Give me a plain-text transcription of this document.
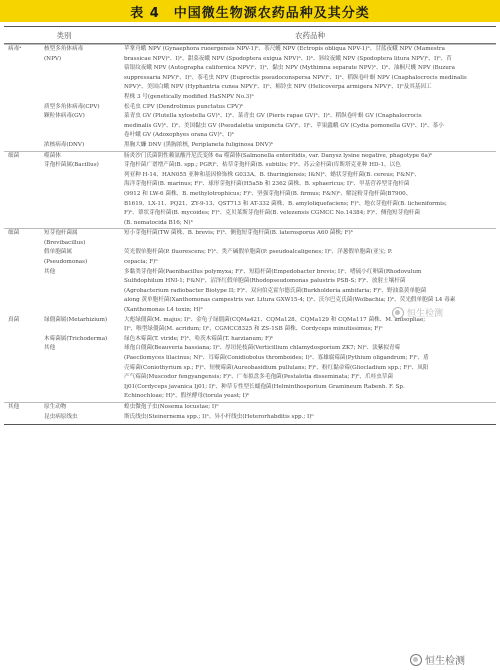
表 4　中国微生物源农药品种及其分类
类别	农药品种
病毒ᵃ	核型多角体病毒	苹掌舟蛾 NPV (Gynaephora ruoergensis NPV-1)ᵇ、茶尺蠖 NPV (Ectropis obliqua NPV-1)ᵇ、甘蓝夜蛾 NPV (Mamestra
(NPV)	brassicae NPV)ᵇ、I)ᵇ、甜菜夜蛾 NPV (Spodoptera exigua NPV)ᵇ、I)ᵇ、斜纹夜蛾 NPV (Spodoptera litura NPV)ᵇ、I)ᵇ、苜
蓿银纹夜蛾 NPV (Autographa californica NPV)ᵇ、I)ᵇ、黏虫 NPV (Mythimna separate NPV)ᵇ、I)ᵇ、油桐尺蠖 NPV (Buzura
suppressaria NPV)ᵇ、I)ᵇ、茶毛虫 NPV (Euproctis pseudoconspersa NPV)ᵇ、I)ᵇ、稻纵卷叶螟 NPV (Cnaphalocrocis medinalis
NPV)ᵇ、美国白蛾 NPV (Hyphantria cunea NPV)ᵇ、I)ᵇ、棉铃虫 NPV (Helicoverpa armigera NPV)ᵇ、I)ᵇ及其基因工
程株 3 号(genetically modified HaSNPV No.3)ᵇ
质型多角体病毒(CPV)	松毛虫 CPV (Dendrolimus punctatus CPV)ᵇ
颗粒体病毒(GV)	菜青虫 GV (Plutella xylostella GV)ᵇ、I)ᵇ、菜青虫 GV (Pieris rapae GV)ᵇ、I)ᵇ、稻纵卷叶螟 GV (Cnaphalocrocis
medinalis GV)ᵇ、I)ᵇ、美国黏虫 GV (Pseudaletia unipuncta GV)ᵇ、I)ᵇ、苹果蠹蛾 GV (Cydia pomonella GV)ᵇ、I)ᵇ、茶小
卷叶蛾 GV (Adoxophyes orana GV)ᵇ、I)ᵇ
浓核病毒(DNV)	黑胸大蠊 DNV (黑胸浓核, Periplaneta fuliginosa DNV)ᵇ
细菌	噬菌体	肠炎沙门氏菌阴性赖氨酸丹尼氏变体 6a 噬菌体(Salmonella enteritidis, var. Danysz lysine negative, phagotype 6a)ᵇ
芽孢杆菌属(Bacillus)	芽孢杆菌广谱增产菌(B. spp.; PGR)ᵇ、枯草芽孢杆菌(B. subtilis; F)ᵇ、苏云金杆菌(库斯塔克亚种 HD-1、以色
列亚种 H-14、HAN055 亚种和基因修饰株 G033A、B. thuringiensis; I&N)ᵇ、蜡状芽孢杆菌(B. cereus; F&N)ᵇ、
海洋芽孢杆菌(B. marinus; F)ᵇ、球形芽孢杆菌(H5a5b 和 2362 菌株、B. sphaericus; I)ᵇ、甲基营养型芽孢杆菌
(9912 和 LW-6 菌株、B. methylotrophicus; F)ᵇ、坚强芽孢杆菌(B. firmus; F&N)ᵇ、解淀粉芽孢杆菌(B7900、
B1619、LX-11、PQ21、ZY-9-13、QST713 和 AT-332 菌株、B. amyloliquefaciens; F)ᵇ、地衣芽孢杆菌(B. licheniformis;
F)ᵇ、蕈状芽孢杆菌(B. mycoides; F)ᵇ、克贝莱斯芽孢杆菌(B. velezensis CGMCC No.14384; F)ᵇ、侧孢短芽孢杆菌
(B. nematocida B16; N)ᵇ
细菌	短芽孢杆菌属	短小芽孢杆菌(TW 菌株、B. brevis; F)ᵇ、侧孢短芽孢杆菌(B. laterosporus A60 菌株; F)ᵇ
(Brevibacillus)
假单胞菌属	荧光假单胞杆菌(P. fluorescens; F)ᵇ、类产碱假单胞菌(P. pseudoalcaligenes; I)ᵇ、洋葱假单胞菌(亚宝; P.
(Pseudomonas)	cepacia; F)ᵇ
其他	多黏类芽孢杆菌(Paenibacillus polymyxa; F)ᵇ、短稳杆菌(Empedobacter brevis; I)ᵇ、嗜硫小红卵菌(Rhodovulum
Sulfidophilum HNI-1; F&N)ᵇ、沼泽红假单胞菌(Rhodopseudomonas palustris PSB-S; F)ᵇ、放射土壤杆菌
(Agrobacterium radiobacter Biotype II; F)ᵇ、双向伯克霍尔德氏菌(Burkholderia ambifaria; F)ᵇ、野油菜黄单胞菌
along 黄单胞杆菌(Xanthomonas campestris var. Litura GXW15-4; I)ᵇ、沃尔巴克氏菌(Wolbachia; I)ᵇ、荧光假单胞菌 L4 毒素
(Xanthomonas L4 toxin; H)ᵇ
真菌	绿僵菌属(Metarhizium)	大彪绿僵菌(M. majus; I)ᵇ、金龟子绿僵菌(CQMa421、CQMa128、CQMa129 和 CQMa117 菌株、M. anisopliae;
I)ᵇ、喉型绿僵菌(M. acridum; I)ᵇ、CGMCC8325 和 ZS-1SB 菌株、Cordyceps minutissimus; F)ᵇ
木霉菌属(Trichoderma)	绿色木霉菌(T. viride; F)ᵇ、哈茨木霉菌(T. harzianum; F)ᵇ
其他	球孢白僵菌(Beauveria bassiana; I)ᵇ、厚垣轮枝菌(Verticillium chlamydosporium ZK7; N)ᵇ、淡紫拟青霉
(Paecilomyces lilacinus; N)ᵇ、耳霉菌(Conidiobolus thromboides; I)ᵇ、寡雄腐霉菌(Pythium oligandrum; F)ᵇ、盾
壳霉菌(Coniothyrium sp.; F)ᵇ、短梗霉菌(Aureobasidium pullulans; F)ᵇ、粉红黏帚霉(Gliocladium spp.; F)ᵇ、凤阳
产气霉菌(Muscodor fengyangensis; F)ᵇ、广布拟盘多毛孢菌(Pestalotia disseminata; F)ᵇ、爪哇虫草菌
Ij01(Cordyceps javanica Ij01; I)ᵇ、种草专性型长蠕孢菌(Helminthosporium Gramineum Rabenh. F. Sp.
Echinochloae; H)ᵇ、假丝酵母(torula yeast; I)ᵇ
其他	原生动物	蝗虫微孢子虫(Nosema locustae; I)ᵇ
昆虫病原线虫	斯氏线虫(Steinernema spp.; I)ᵇ、异小杆线虫(Heterorhabditis spp.; I)ᵇ
恒生检测
恒生检测
